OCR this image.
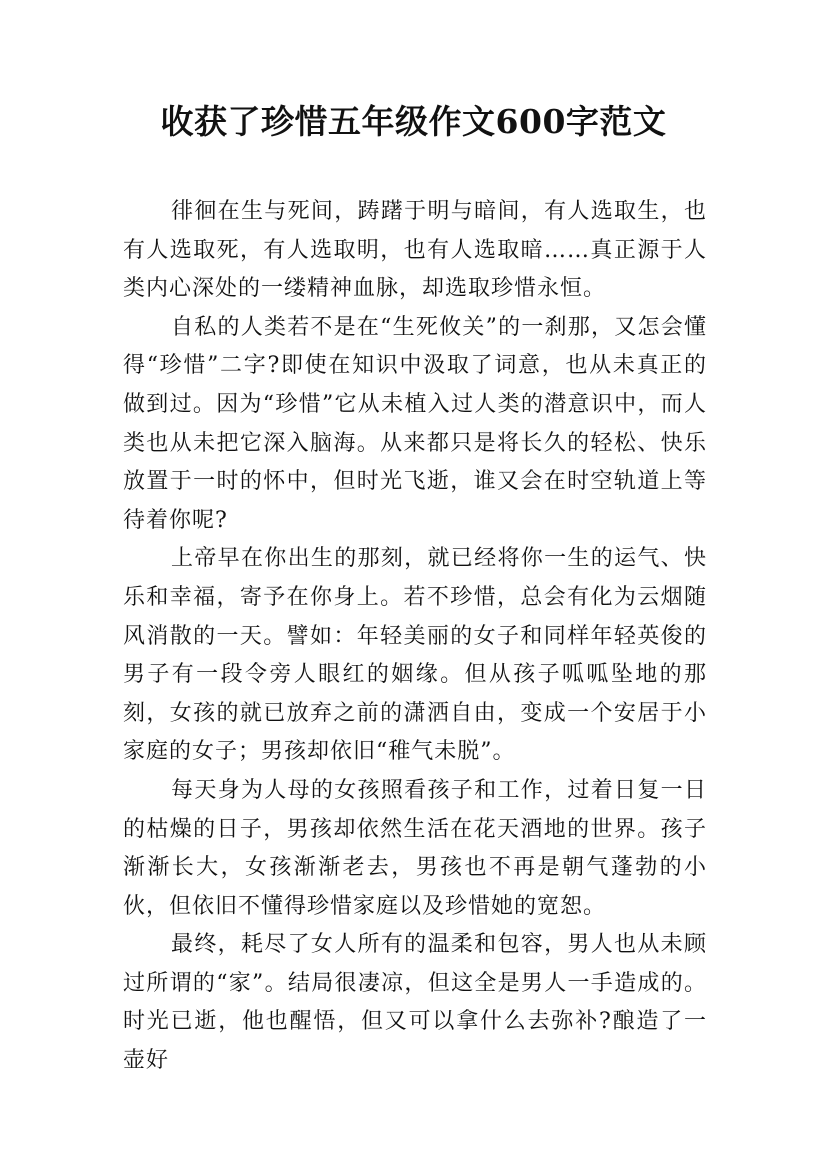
收获了珍惜五年级作文600字范文

徘徊在生与死间，踌躇于明与暗间，有人选取生，也有人选取死，有人选取明，也有人选取暗……真正源于人类内心深处的一缕精神血脉，却选取珍惜永恒。

自私的人类若不是在“生死攸关”的一刹那，又怎会懂得“珍惜”二字?即使在知识中汲取了词意，也从未真正的做到过。因为“珍惜”它从未植入过人类的潜意识中，而人类也从未把它深入脑海。从来都只是将长久的轻松、快乐放置于一时的怀中，但时光飞逝，谁又会在时空轨道上等待着你呢?

上帝早在你出生的那刻，就已经将你一生的运气、快乐和幸福，寄予在你身上。若不珍惜，总会有化为云烟随风消散的一天。譬如：年轻美丽的女子和同样年轻英俊的男子有一段令旁人眼红的姻缘。但从孩子呱呱坠地的那刻，女孩的就已放弃之前的潇洒自由，变成一个安居于小家庭的女子；男孩却依旧“稚气未脱”。

每天身为人母的女孩照看孩子和工作，过着日复一日的枯燥的日子，男孩却依然生活在花天酒地的世界。孩子渐渐长大，女孩渐渐老去，男孩也不再是朝气蓬勃的小伙，但依旧不懂得珍惜家庭以及珍惜她的宽恕。

最终，耗尽了女人所有的温柔和包容，男人也从未顾过所谓的“家”。结局很凄凉，但这全是男人一手造成的。时光已逝，他也醒悟，但又可以拿什么去弥补?酿造了一壶好
